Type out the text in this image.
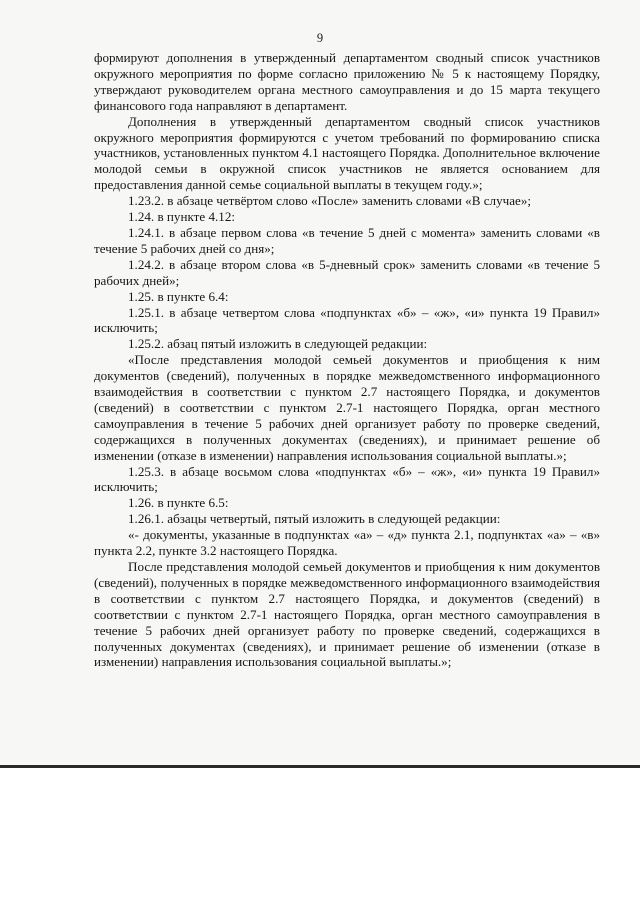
9

формируют дополнения в утвержденный департаментом сводный список участников окружного мероприятия по форме согласно приложению № 5 к настоящему Порядку, утверждают руководителем органа местного самоуправления и до 15 марта текущего финансового года направляют в департамент.

Дополнения в утвержденный департаментом сводный список участников окружного мероприятия формируются с учетом требований по формированию списка участников, установленных пунктом 4.1 настоящего Порядка. Дополнительное включение молодой семьи в окружной список участников не является основанием для предоставления данной семье социальной выплаты в текущем году.»;

1.23.2. в абзаце четвёртом слово «После» заменить словами «В случае»;

1.24. в пункте 4.12:

1.24.1. в абзаце первом слова «в течение 5 дней с момента» заменить словами «в течение 5 рабочих дней со дня»;

1.24.2. в абзаце втором слова «в 5-дневный срок» заменить словами «в течение 5 рабочих дней»;

1.25. в пункте 6.4:

1.25.1. в абзаце четвертом слова «подпунктах «б» – «ж», «и» пункта 19 Правил» исключить;

1.25.2. абзац пятый изложить в следующей редакции:

«После представления молодой семьей документов и приобщения к ним документов (сведений), полученных в порядке межведомственного информационного взаимодействия в соответствии с пунктом 2.7 настоящего Порядка, и документов (сведений) в соответствии с пунктом 2.7-1 настоящего Порядка, орган местного самоуправления в течение 5 рабочих дней организует работу по проверке сведений, содержащихся в полученных документах (сведениях), и принимает решение об изменении (отказе в изменении) направления использования социальной выплаты.»;

1.25.3. в абзаце восьмом слова «подпунктах «б» – «ж», «и» пункта 19 Правил» исключить;

1.26. в пункте 6.5:

1.26.1. абзацы четвертый, пятый изложить в следующей редакции:

«- документы, указанные в подпунктах «а» – «д» пункта 2.1, подпунктах «а» – «в» пункта 2.2, пункте 3.2 настоящего Порядка.

После представления молодой семьей документов и приобщения к ним документов (сведений), полученных в порядке межведомственного информационного взаимодействия в соответствии с пунктом 2.7 настоящего Порядка, и документов (сведений) в соответствии с пунктом 2.7-1 настоящего Порядка, орган местного самоуправления в течение 5 рабочих дней организует работу по проверке сведений, содержащихся в полученных документах (сведениях), и принимает решение об изменении (отказе в изменении) направления использования социальной выплаты.»;
